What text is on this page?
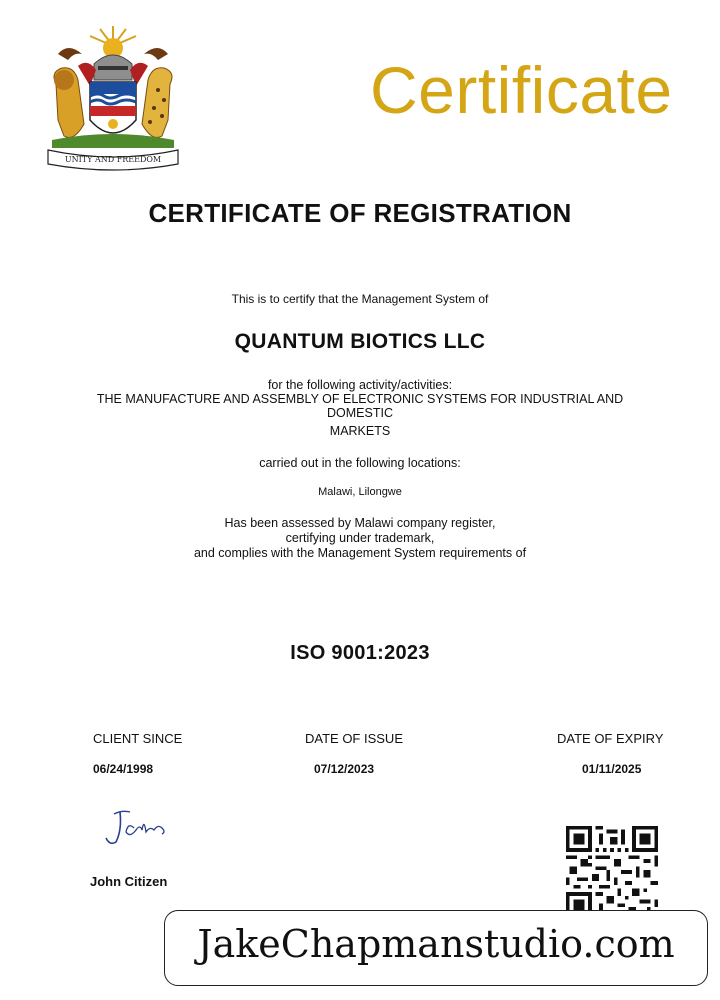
UNITY AND FREEDOM
Certificate
CERTIFICATE OF REGISTRATION
This is to certify that the Management System of
QUANTUM BIOTICS LLC
for the following activity/activities:
THE MANUFACTURE AND ASSEMBLY OF ELECTRONIC SYSTEMS FOR INDUSTRIAL AND
DOMESTIC
MARKETS
carried out in the following locations:
Malawi, Lilongwe
Has been assessed by Malawi company register,
certifying under trademark,
and complies with the Management System requirements of
ISO 9001:2023
CLIENT SINCE
06/24/1998
DATE OF ISSUE
07/12/2023
DATE OF EXPIRY
01/11/2025
John Citizen
JakeChapmanstudio.com
